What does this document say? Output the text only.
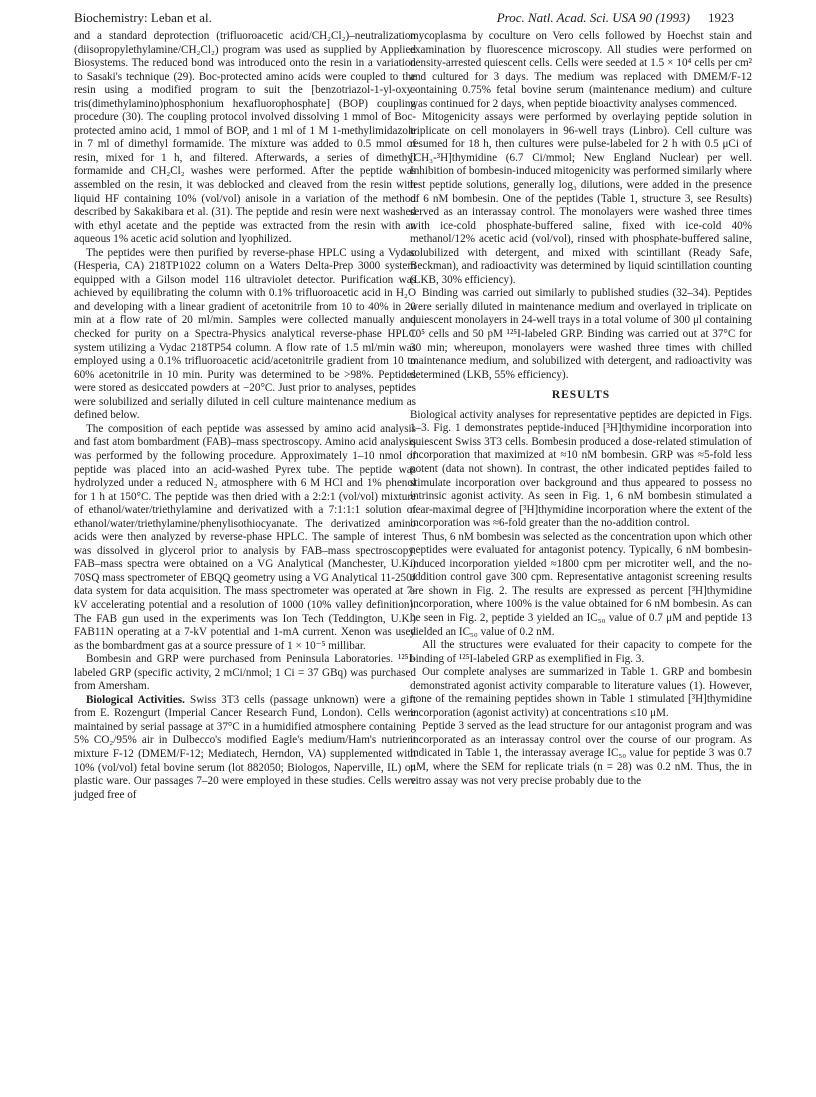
Biochemistry: Leban et al.	Proc. Natl. Acad. Sci. USA 90 (1993) 1923

and a standard deprotection (trifluoroacetic acid/CH₂Cl₂)–neutralization (diisopropylethylamine/CH₂Cl₂) program was used as supplied by Applied Biosystems. The reduced bond was introduced onto the resin in a variation to Sasaki's technique (29). Boc-protected amino acids were coupled to the resin using a modified program to suit the [benzotriazol-1-yl-oxy-tris(dimethylamino)phosphonium hexafluorophosphate] (BOP) coupling procedure (30). The coupling protocol involved dissolving 1 mmol of Boc-protected amino acid, 1 mmol of BOP, and 1 ml of 1 M 1-methylimidazole in 7 ml of dimethyl formamide. The mixture was added to 0.5 mmol of resin, mixed for 1 h, and filtered. Afterwards, a series of dimethyl formamide and CH₂Cl₂ washes were performed. After the peptide was assembled on the resin, it was deblocked and cleaved from the resin with liquid HF containing 10% (vol/vol) anisole in a variation of the method described by Sakakibara et al. (31). The peptide and resin were next washed with ethyl acetate and the peptide was extracted from the resin with an aqueous 1% acetic acid solution and lyophilized.

The peptides were then purified by reverse-phase HPLC using a Vydac (Hesperia, CA) 218TP1022 column on a Waters Delta-Prep 3000 system equipped with a Gilson model 116 ultraviolet detector. Purification was achieved by equilibrating the column with 0.1% trifluoroacetic acid in H₂O and developing with a linear gradient of acetonitrile from 10 to 40% in 20 min at a flow rate of 20 ml/min. Samples were collected manually and checked for purity on a Spectra-Physics analytical reverse-phase HPLC system utilizing a Vydac 218TP54 column. A flow rate of 1.5 ml/min was employed using a 0.1% trifluoroacetic acid/acetonitrile gradient from 10 to 60% acetonitrile in 10 min. Purity was determined to be >98%. Peptides were stored as desiccated powders at −20°C. Just prior to analyses, peptides were solubilized and serially diluted in cell culture maintenance medium as defined below.

The composition of each peptide was assessed by amino acid analysis and fast atom bombardment (FAB)–mass spectroscopy. Amino acid analysis was performed by the following procedure. Approximately 1–10 nmol of peptide was placed into an acid-washed Pyrex tube. The peptide was hydrolyzed under a reduced N₂ atmosphere with 6 M HCl and 1% phenol for 1 h at 150°C. The peptide was then dried with a 2:2:1 (vol/vol) mixture of ethanol/water/triethylamine and derivatized with a 7:1:1:1 solution of ethanol/water/triethylamine/phenylisothiocyanate. The derivatized amino acids were then analyzed by reverse-phase HPLC. The sample of interest was dissolved in glycerol prior to analysis by FAB–mass spectroscopy. FAB–mass spectra were obtained on a VG Analytical (Manchester, U.K.) 70SQ mass spectrometer of EBQQ geometry using a VG Analytical 11-250J data system for data acquisition. The mass spectrometer was operated at 7-kV accelerating potential and a resolution of 1000 (10% valley definition). The FAB gun used in the experiments was Ion Tech (Teddington, U.K.) FAB11N operating at a 7-kV potential and 1-mA current. Xenon was used as the bombardment gas at a source pressure of 1 × 10⁻⁵ millibar.

Bombesin and GRP were purchased from Peninsula Laboratories. ¹²⁵I-labeled GRP (specific activity, 2 mCi/nmol; 1 Ci = 37 GBq) was purchased from Amersham.

Biological Activities. Swiss 3T3 cells (passage unknown) were a gift from E. Rozengurt (Imperial Cancer Research Fund, London). Cells were maintained by serial passage at 37°C in a humidified atmosphere containing 5% CO₂/95% air in Dulbecco's modified Eagle's medium/Ham's nutrient mixture F-12 (DMEM/F-12; Mediatech, Herndon, VA) supplemented with 10% (vol/vol) fetal bovine serum (lot 882050; Biologos, Naperville, IL) on plastic ware. Our passages 7–20 were employed in these studies. Cells were judged free of

mycoplasma by coculture on Vero cells followed by Hoechst stain and examination by fluorescence microscopy. All studies were performed on density-arrested quiescent cells. Cells were seeded at 1.5 × 10⁴ cells per cm² and cultured for 3 days. The medium was replaced with DMEM/F-12 containing 0.75% fetal bovine serum (maintenance medium) and culture was continued for 2 days, when peptide bioactivity analyses commenced.

Mitogenicity assays were performed by overlaying peptide solution in triplicate on cell monolayers in 96-well trays (Linbro). Cell culture was resumed for 18 h, then cultures were pulse-labeled for 2 h with 0.5 μCi of [CH₃-³H]thymidine (6.7 Ci/mmol; New England Nuclear) per well. Inhibition of bombesin-induced mitogenicity was performed similarly where test peptide solutions, generally log₃ dilutions, were added in the presence of 6 nM bombesin. One of the peptides (Table 1, structure 3, see Results) served as an interassay control. The monolayers were washed three times with ice-cold phosphate-buffered saline, fixed with ice-cold 40% methanol/12% acetic acid (vol/vol), rinsed with phosphate-buffered saline, solubilized with detergent, and mixed with scintillant (Ready Safe, Beckman), and radioactivity was determined by liquid scintillation counting (LKB, 30% efficiency).

Binding was carried out similarly to published studies (32–34). Peptides were serially diluted in maintenance medium and overlayed in triplicate on quiescent monolayers in 24-well trays in a total volume of 300 μl containing 10⁵ cells and 50 pM ¹²⁵I-labeled GRP. Binding was carried out at 37°C for 30 min; whereupon, monolayers were washed three times with chilled maintenance medium, and solubilized with detergent, and radioactivity was determined (LKB, 55% efficiency).

RESULTS

Biological activity analyses for representative peptides are depicted in Figs. 1–3. Fig. 1 demonstrates peptide-induced [³H]thymidine incorporation into quiescent Swiss 3T3 cells. Bombesin produced a dose-related stimulation of incorporation that maximized at ≈10 nM bombesin. GRP was ≈5-fold less potent (data not shown). In contrast, the other indicated peptides failed to stimulate incorporation over background and thus appeared to possess no intrinsic agonist activity. As seen in Fig. 1, 6 nM bombesin stimulated a near-maximal degree of [³H]thymidine incorporation where the extent of the incorporation was ≈6-fold greater than the no-addition control.

Thus, 6 nM bombesin was selected as the concentration upon which other peptides were evaluated for antagonist potency. Typically, 6 nM bombesin-induced incorporation yielded ≈1800 cpm per microtiter well, and the no-addition control gave 300 cpm. Representative antagonist screening results are shown in Fig. 2. The results are expressed as percent [³H]thymidine incorporation, where 100% is the value obtained for 6 nM bombesin. As can be seen in Fig. 2, peptide 3 yielded an IC₅₀ value of 0.7 μM and peptide 13 yielded an IC₅₀ value of 0.2 nM.

All the structures were evaluated for their capacity to compete for the binding of ¹²⁵I-labeled GRP as exemplified in Fig. 3.

Our complete analyses are summarized in Table 1. GRP and bombesin demonstrated agonist activity comparable to literature values (1). However, none of the remaining peptides shown in Table 1 stimulated [³H]thymidine incorporation (agonist activity) at concentrations ≤10 μM.

Peptide 3 served as the lead structure for our antagonist program and was incorporated as an interassay control over the course of our program. As indicated in Table 1, the interassay average IC₅₀ value for peptide 3 was 0.7 μM, where the SEM for replicate trials (n = 28) was 0.2 nM. Thus, the in vitro assay was not very precise probably due to the
